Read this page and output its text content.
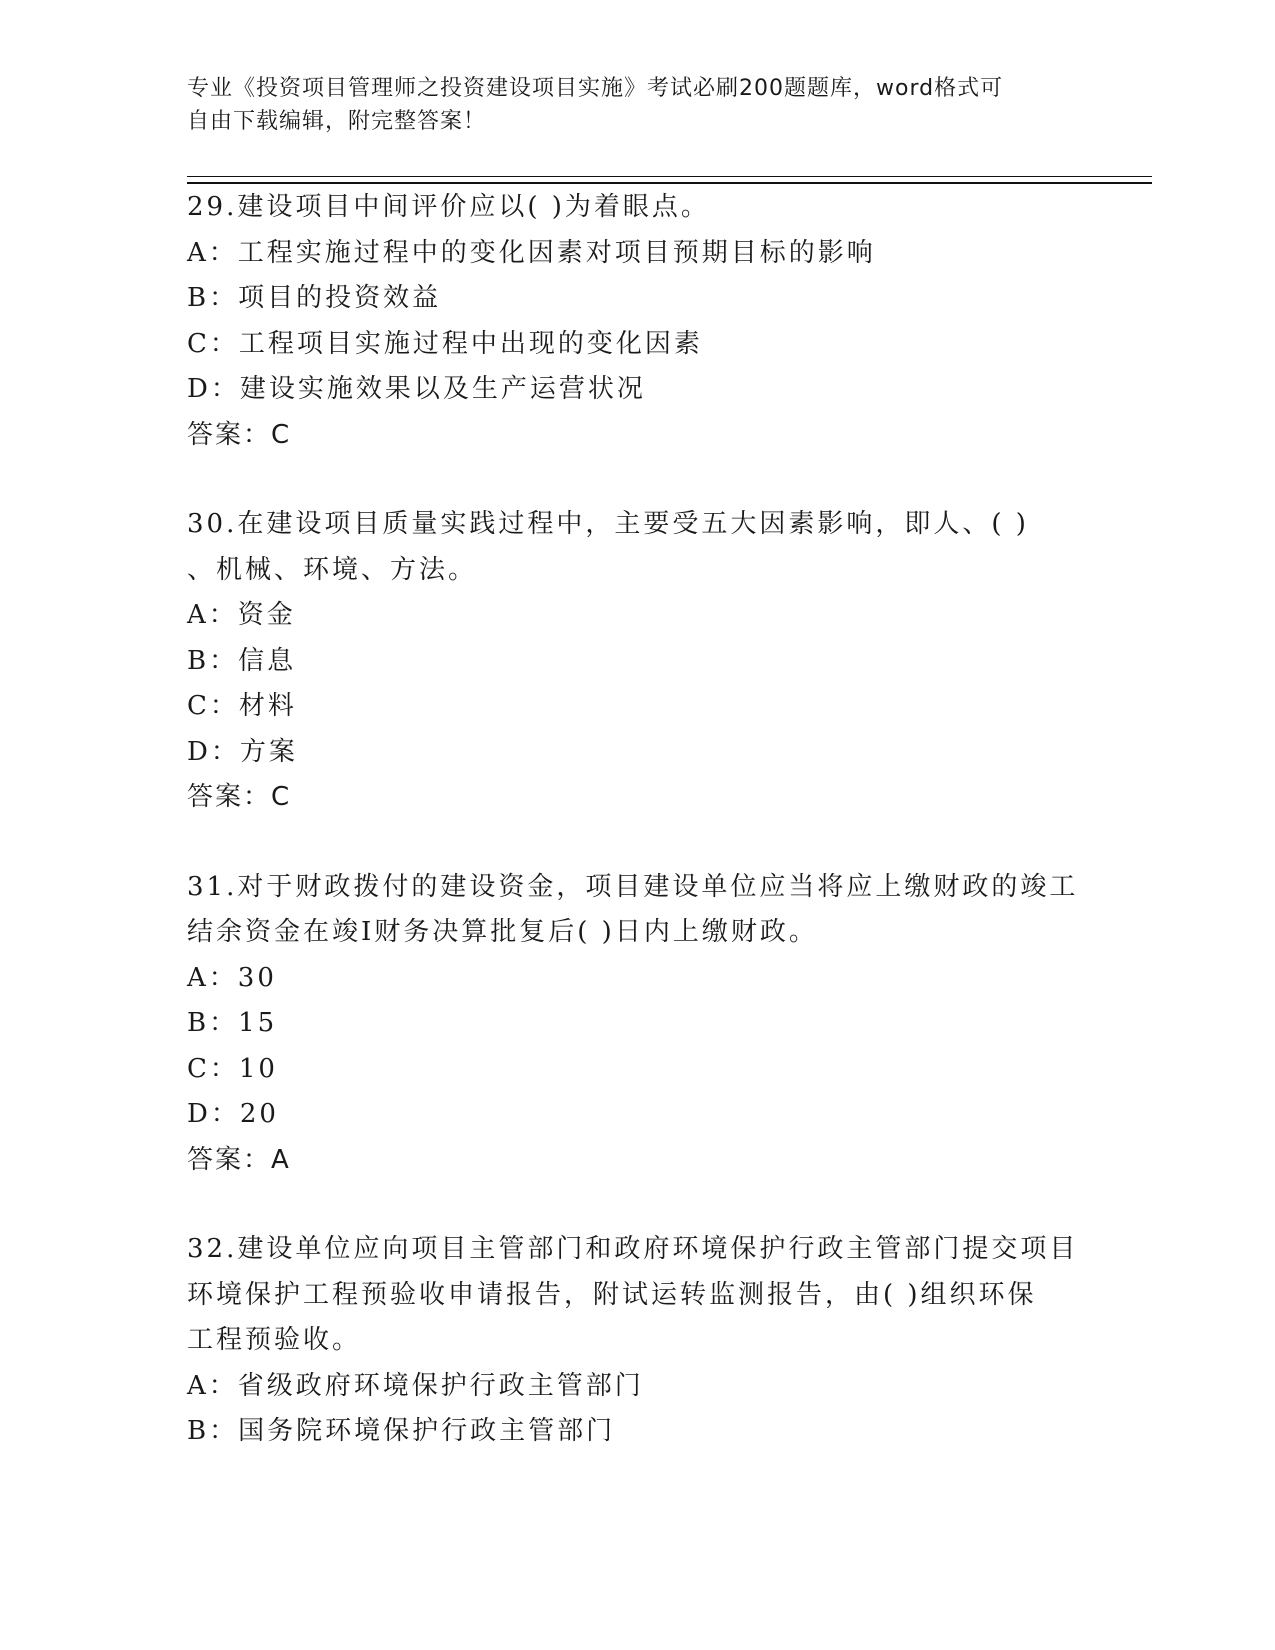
专业《投资项目管理师之投资建设项目实施》考试必刷200题题库，word格式可
自由下载编辑，附完整答案！
29.建设项目中间评价应以( )为着眼点。
A：工程实施过程中的变化因素对项目预期目标的影响
B：项目的投资效益
C：工程项目实施过程中出现的变化因素
D：建设实施效果以及生产运营状况
答案：C
30.在建设项目质量实践过程中，主要受五大因素影响，即人、( )
、机械、环境、方法。
A：资金
B：信息
C：材料
D：方案
答案：C
31.对于财政拨付的建设资金，项目建设单位应当将应上缴财政的竣工
结余资金在竣I财务决算批复后( )日内上缴财政。
A：30
B：15
C：10
D：20
答案：A
32.建设单位应向项目主管部门和政府环境保护行政主管部门提交项目
环境保护工程预验收申请报告，附试运转监测报告，由( )组织环保
工程预验收。
A：省级政府环境保护行政主管部门
B：国务院环境保护行政主管部门
